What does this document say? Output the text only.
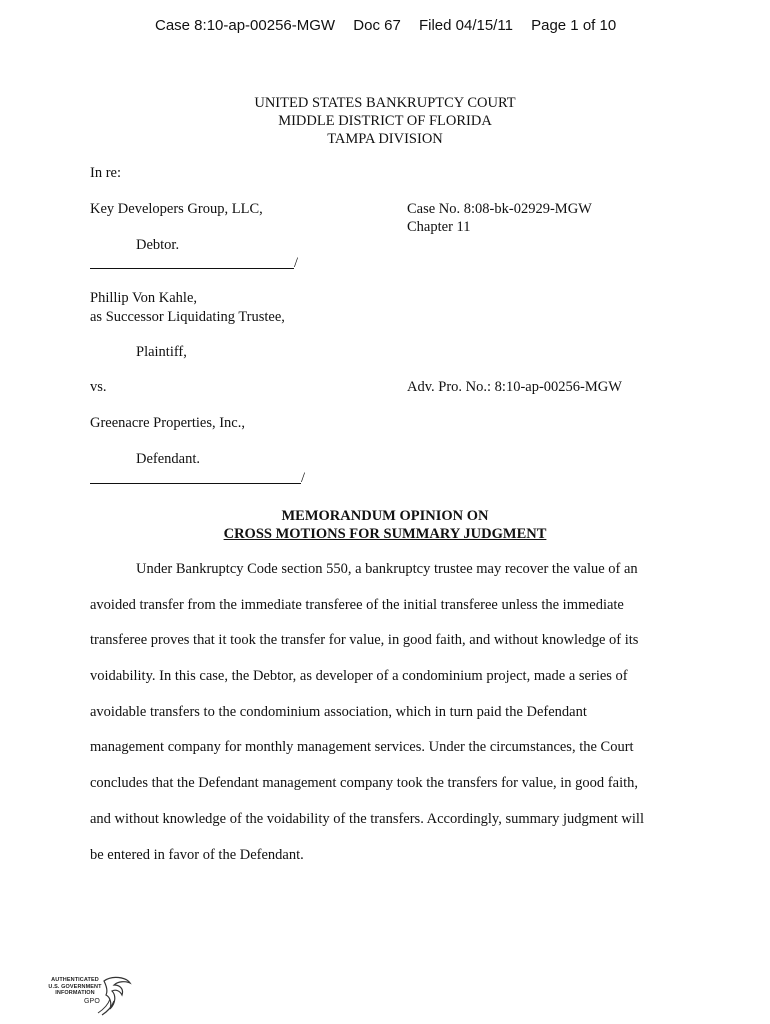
Case 8:10-ap-00256-MGW Doc 67 Filed 04/15/11 Page 1 of 10
UNITED STATES BANKRUPTCY COURT
MIDDLE DISTRICT OF FLORIDA
TAMPA DIVISION
In re:
Key Developers Group, LLC,	Case No. 8:08-bk-02929-MGW
Chapter 11
Debtor.
/
Phillip Von Kahle,
as Successor Liquidating Trustee,
Plaintiff,
vs.	Adv. Pro. No.: 8:10-ap-00256-MGW
Greenacre Properties, Inc.,
Defendant.
/
MEMORANDUM OPINION ON
CROSS MOTIONS FOR SUMMARY JUDGMENT
Under Bankruptcy Code section 550, a bankruptcy trustee may recover the value of an
avoided transfer from the immediate transferee of the initial transferee unless the immediate
transferee proves that it took the transfer for value, in good faith, and without knowledge of its
voidability. In this case, the Debtor, as developer of a condominium project, made a series of
avoidable transfers to the condominium association, which in turn paid the Defendant
management company for monthly management services. Under the circumstances, the Court
concludes that the Defendant management company took the transfers for value, in good faith,
and without knowledge of the voidability of the transfers. Accordingly, summary judgment will
be entered in favor of the Defendant.
AUTHENTICATED
U.S. GOVERNMENT
INFORMATION
GPO
